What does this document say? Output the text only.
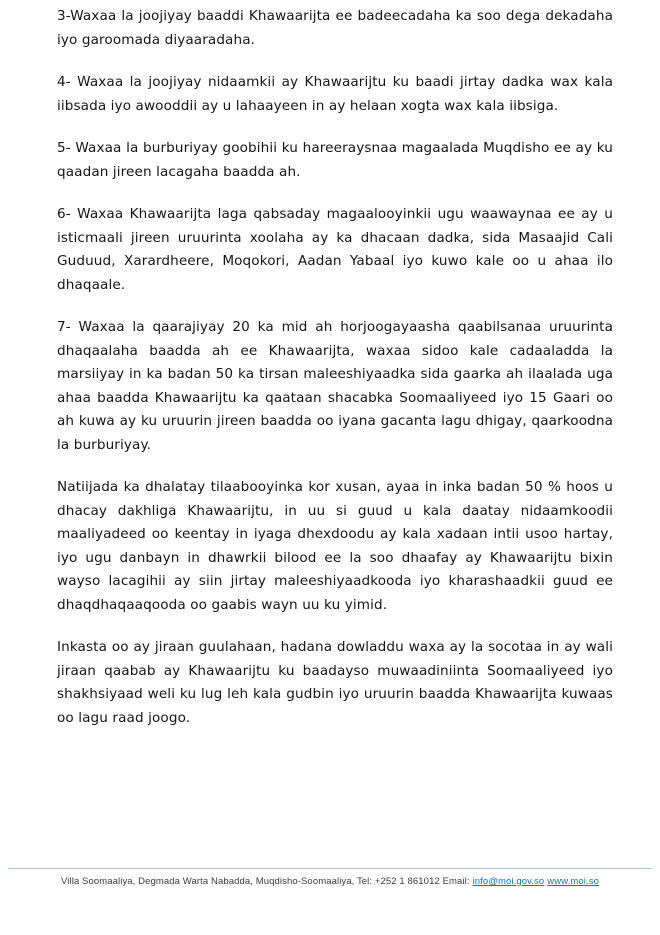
3-Waxaa la joojiyay baaddi Khawaarijta ee badeecadaha ka soo dega dekadaha iyo garoomada diyaaradaha.

4- Waxaa la joojiyay nidaamkii ay Khawaarijtu ku baadi jirtay dadka wax kala iibsada iyo awooddii ay u lahaayeen in ay helaan xogta wax kala iibsiga.

5- Waxaa la burburiyay goobihii ku hareeraysnaa magaalada Muqdisho ee ay ku qaadan jireen lacagaha baadda ah.

6- Waxaa Khawaarijta laga qabsaday magaalooyinkii ugu waawaynaa ee ay u isticmaali jireen uruurinta xoolaha ay ka dhacaan dadka, sida Masaajid Cali Guduud, Xarardheere, Moqokori, Aadan Yabaal iyo kuwo kale oo u ahaa ilo dhaqaale.

7- Waxaa la qaarajiyay 20 ka mid ah horjoogayaasha qaabilsanaa uruurinta dhaqaalaha baadda ah ee Khawaarijta, waxaa sidoo kale cadaaladda la marsiiyay in ka badan 50 ka tirsan maleeshiyaadka sida gaarka ah ilaalada uga ahaa baadda Khawaarijtu ka qaataan shacabka Soomaaliyeed iyo 15 Gaari oo ah kuwa ay ku uruurin jireen baadda oo iyana gacanta lagu dhigay, qaarkoodna la burburiyay.

Natiijada ka dhalatay tilaabooyinka kor xusan, ayaa in inka badan 50 % hoos u dhacay dakhliga Khawaarijtu, in uu si guud u kala daatay nidaamkoodii maaliyadeed oo keentay in iyaga dhexdoodu ay kala xadaan intii usoo hartay, iyo ugu danbayn in dhawrkii bilood ee la soo dhaafay ay Khawaarijtu bixin wayso lacagihii ay siin jirtay maleeshiyaadkooda iyo kharashaadkii guud ee dhaqdhaqaaqooda oo gaabis wayn uu ku yimid.

Inkasta oo ay jiraan guulahaan, hadana dowladdu waxa ay la socotaa in ay wali jiraan qaabab ay Khawaarijtu ku baadayso muwaadiniinta Soomaaliyeed iyo shakhsiyaad weli ku lug leh kala gudbin iyo uruurin baadda Khawaarijta kuwaas oo lagu raad joogo.

Villa Soomaaliya, Degmada Warta Nabadda, Muqdisho-Soomaaliya, Tel: +252 1 861012 Email: info@moi.gov.so www.moi.so
